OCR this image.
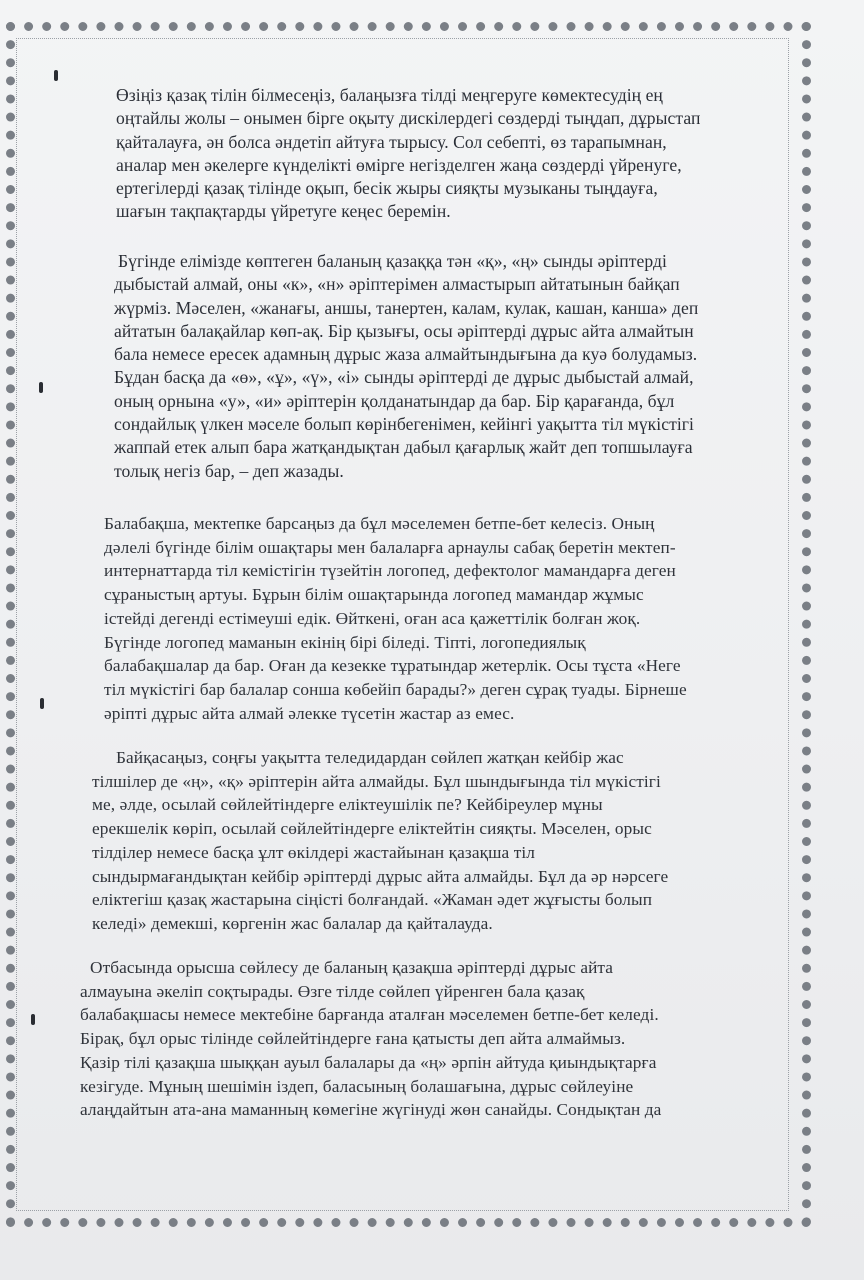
Өзіңіз қазақ тілін білмесеңіз, балаңызға тілді меңгеруге көмектесудің ең
оңтайлы жолы – онымен бірге оқыту дискілердегі сөздерді тыңдап, дұрыстап
қайталауға, ән болса әндетіп айтуға тырысу. Сол себепті, өз тарапымнан,
аналар мен әкелерге күнделікті өмірге негізделген жаңа сөздерді үйренуге,
ертегілерді қазақ тілінде оқып, бесік жыры сияқты музыканы тыңдауға,
шағын тақпақтарды үйретуге кеңес беремін.
Бүгінде елімізде көптеген баланың қазаққа тән «қ», «ң» сынды әріптерді
дыбыстай алмай, оны «к», «н» әріптерімен алмастырып айтатынын байқап
жүрміз. Мәселен, «жанағы, аншы, танертен, калам, кулак, кашан, канша» деп
айтатын балақайлар көп-ақ. Бір қызығы, осы әріптерді дұрыс айта алмайтын
бала немесе ересек адамның дұрыс жаза алмайтындығына да куә болудамыз.
Бұдан басқа да «ө», «ұ», «ү», «і» сынды әріптерді де дұрыс дыбыстай алмай,
оның орнына «у», «и» әріптерін қолданатындар да бар. Бір қарағанда, бұл
сондайлық үлкен мәселе болып көрінбегенімен, кейінгі уақытта тіл мүкістігі
жаппай етек алып бара жатқандықтан дабыл қағарлық жайт деп топшылауға
толық негіз бар, – деп жазады.
Балабақша, мектепке барсаңыз да бұл мәселемен бетпе-бет келесіз. Оның
дәлелі бүгінде білім ошақтары мен балаларға арнаулы сабақ беретін мектеп-
интернаттарда тіл кемістігін түзейтін логопед, дефектолог мамандарға деген
сұраныстың артуы. Бұрын білім ошақтарында логопед мамандар жұмыс
істейді дегенді естімеуші едік. Өйткені, оған аса қажеттілік болған жоқ.
Бүгінде логопед маманын екінің бірі біледі. Тіпті, логопедиялық
балабақшалар да бар. Оған да кезекке тұратындар жетерлік. Осы тұста «Неге
тіл мүкістігі бар балалар сонша көбейіп барады?» деген сұрақ туады. Бірнеше
әріпті дұрыс айта алмай әлекке түсетін жастар аз емес.
Байқасаңыз, соңғы уақытта теледидардан сөйлеп жатқан кейбір жас
тілшілер де «ң», «қ» әріптерін айта алмайды. Бұл шындығында тіл мүкістігі
ме, әлде, осылай сөйлейтіндерге еліктеушілік пе? Кейбіреулер мұны
ерекшелік көріп, осылай сөйлейтіндерге еліктейтін сияқты. Мәселен, орыс
тілділер немесе басқа ұлт өкілдері жастайынан қазақша тіл
сындырмағандықтан кейбір әріптерді дұрыс айта алмайды. Бұл да әр нәрсеге
еліктегіш қазақ жастарына сіңісті болғандай. «Жаман әдет жұғысты болып
келеді» демекші, көргенін жас балалар да қайталауда.
Отбасында орысша сөйлесу де баланың қазақша әріптерді дұрыс айта
алмауына әкеліп соқтырады. Өзге тілде сөйлеп үйренген бала қазақ
балабақшасы немесе мектебіне барғанда аталған мәселемен бетпе-бет келеді.
Бірақ, бұл орыс тілінде сөйлейтіндерге ғана қатысты деп айта алмаймыз.
Қазір тілі қазақша шыққан ауыл балалары да «ң» әрпін айтуда қиындықтарға
кезігуде. Мұның шешімін іздеп, баласының болашағына, дұрыс сөйлеуіне
алаңдайтын ата-ана маманның көмегіне жүгінуді жөн санайды. Сондықтан да
